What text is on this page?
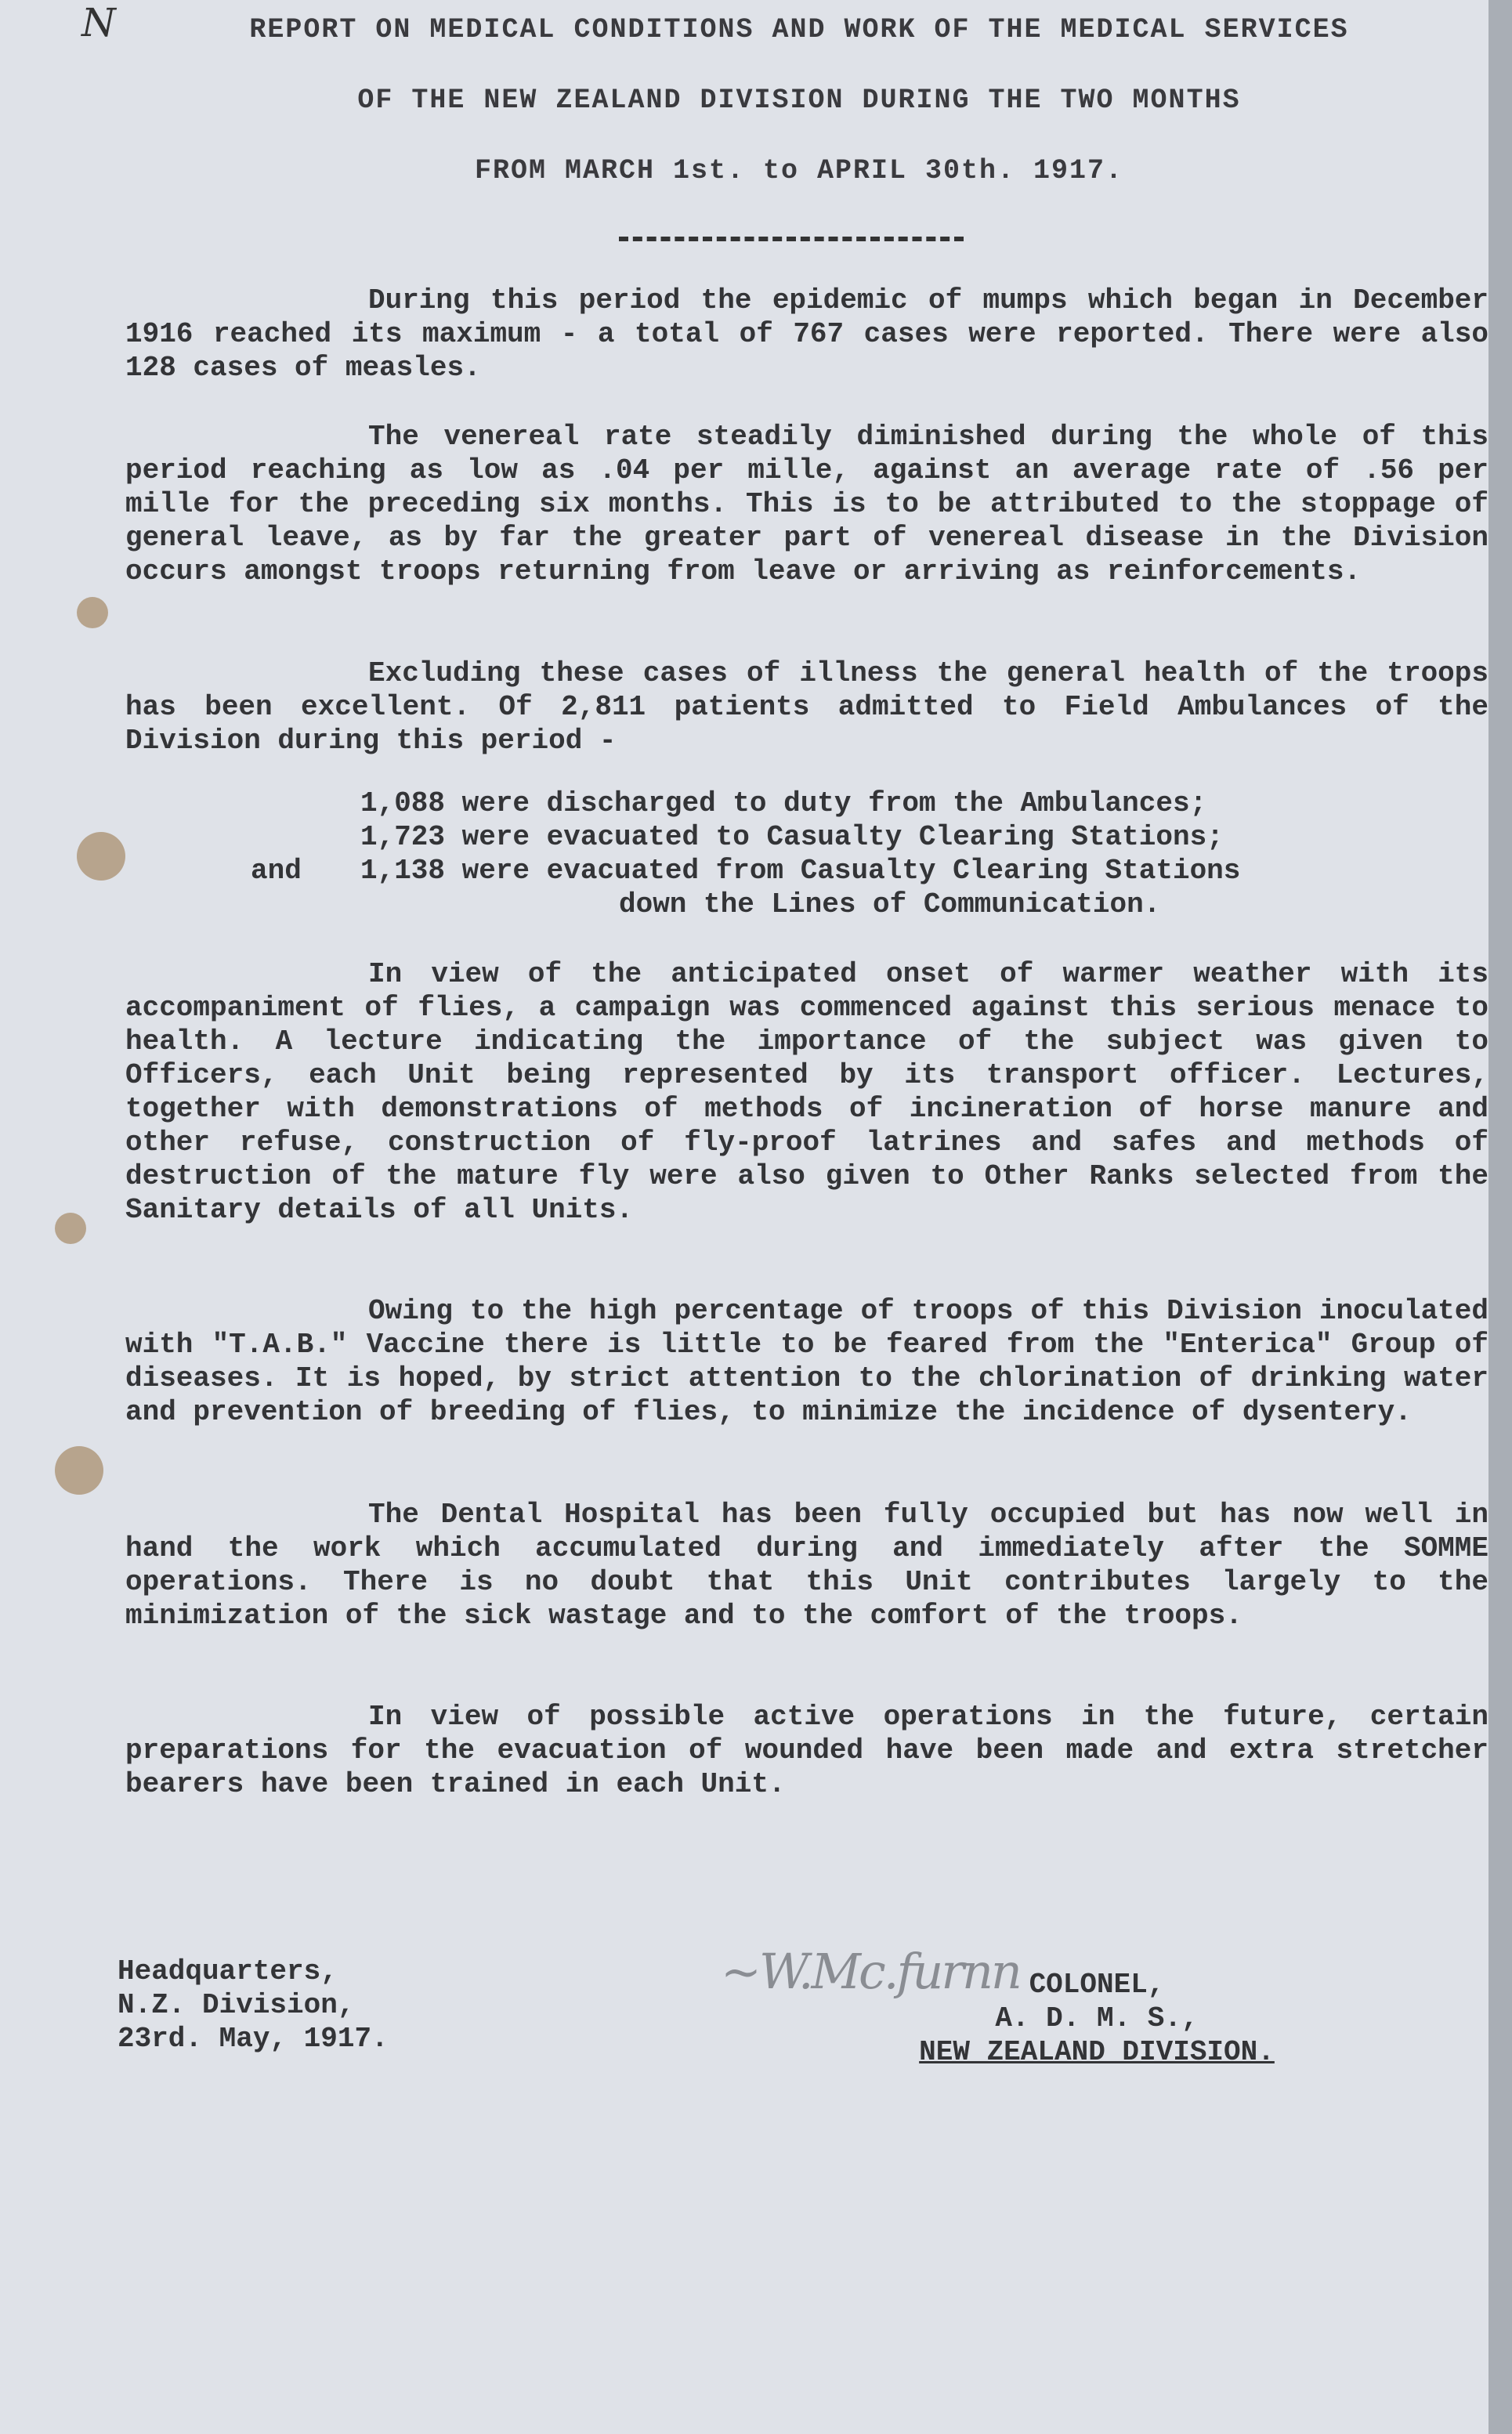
N	REPORT ON MEDICAL CONDITIONS AND WORK OF THE MEDICAL SERVICES
OF THE NEW ZEALAND DIVISION DURING THE TWO MONTHS
FROM MARCH 1st. to APRIL 30th. 1917.
During this period the epidemic of mumps which began in December 1916 reached its maximum - a total of 767 cases were reported. There were also 128 cases of measles.
The venereal rate steadily diminished during the whole of this period reaching as low as .04 per mille, against an average rate of .56 per mille for the preceding six months. This is to be attributed to the stoppage of general leave, as by far the greater part of venereal disease in the Division occurs amongst troops returning from leave or arriving as reinforcements.
Excluding these cases of illness the general health of the troops has been excellent. Of 2,811 patients admitted to Field Ambulances of the Division during this period -
1,088 were discharged to duty from the Ambulances;
1,723 were evacuated to Casualty Clearing Stations;
and 1,138 were evacuated from Casualty Clearing Stations
down the Lines of Communication.
In view of the anticipated onset of warmer weather with its accompaniment of flies, a campaign was commenced against this serious menace to health. A lecture indicating the importance of the subject was given to Officers, each Unit being represented by its transport officer. Lectures, together with demonstrations of methods of incineration of horse manure and other refuse, construction of fly-proof latrines and safes and methods of destruction of the mature fly were also given to Other Ranks selected from the Sanitary details of all Units.
Owing to the high percentage of troops of this Division inoculated with "T.A.B." Vaccine there is little to be feared from the "Enterica" Group of diseases. It is hoped, by strict attention to the chlorination of drinking water and prevention of breeding of flies, to minimize the incidence of dysentery.
The Dental Hospital has been fully occupied but has now well in hand the work which accumulated during and immediately after the SOMME operations. There is no doubt that this Unit contributes largely to the minimization of the sick wastage and to the comfort of the troops.
In view of possible active operations in the future, certain preparations for the evacuation of wounded have been made and extra stretcher bearers have been trained in each Unit.
Headquarters,
N.Z. Division,
23rd. May, 1917.
~W.Mc.furnn COLONEL,
A. D. M. S.,
NEW ZEALAND DIVISION.
